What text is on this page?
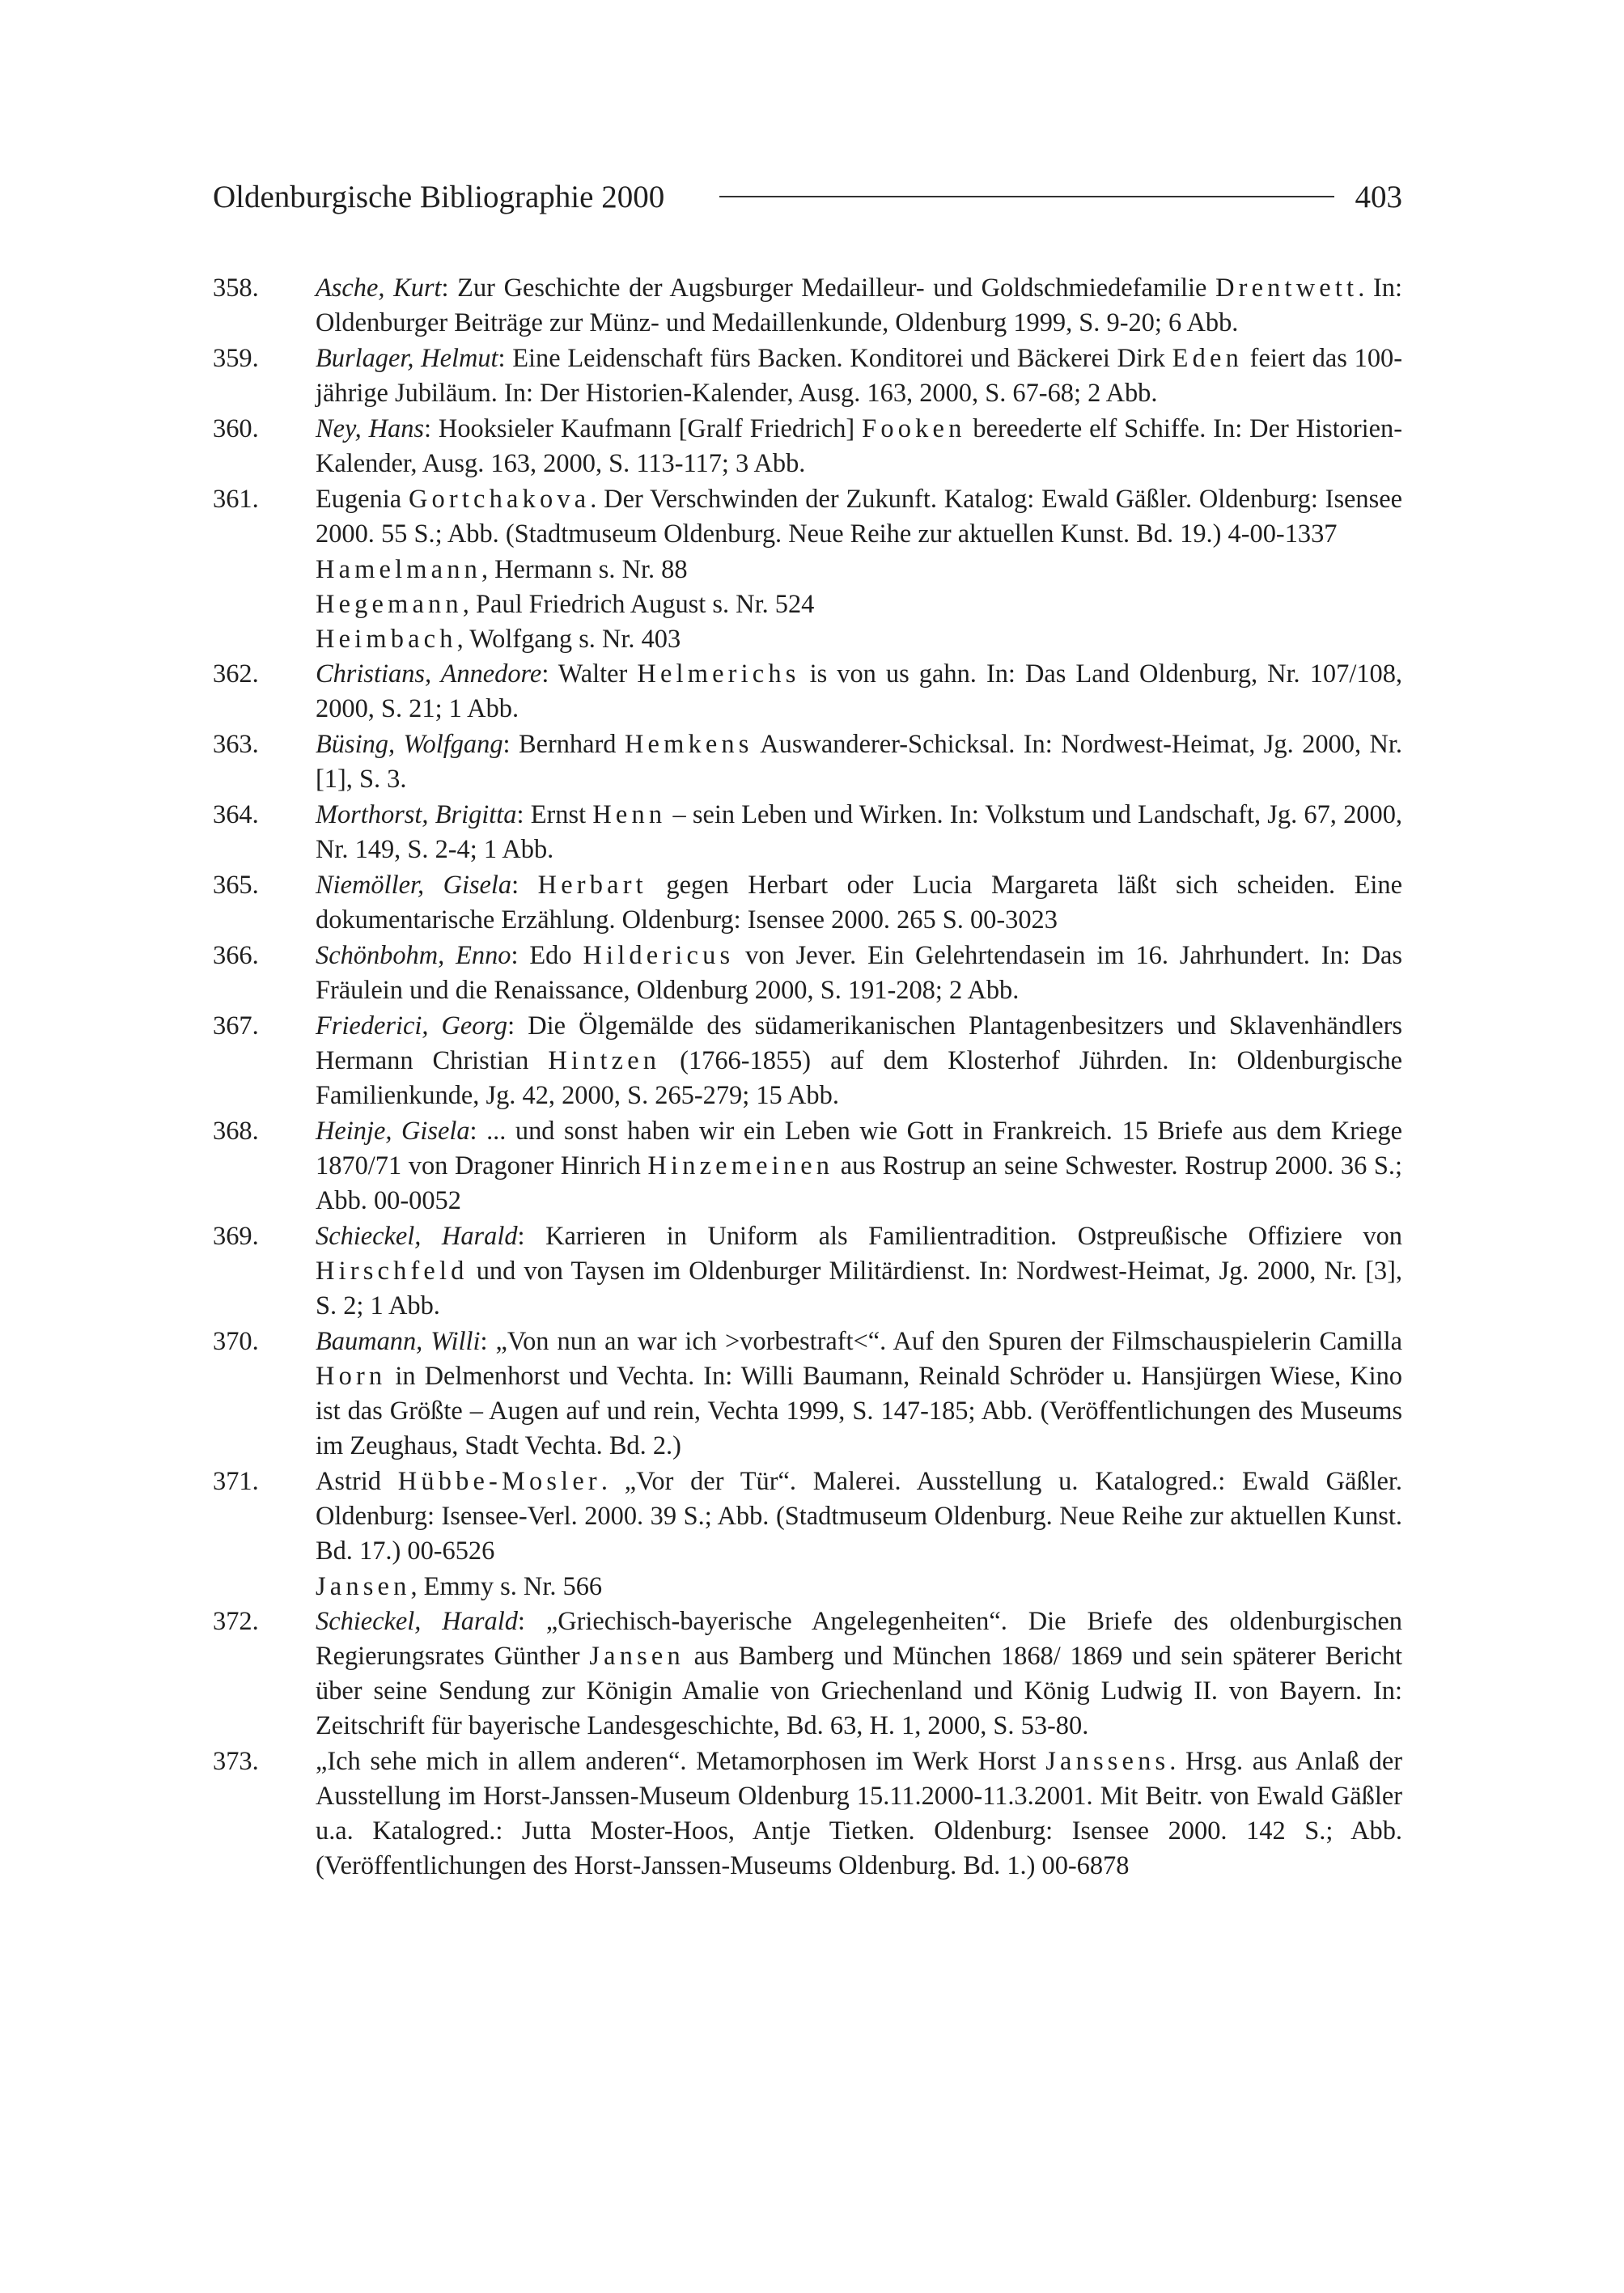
Oldenburgische Bibliographie 2000	403
358.	Asche, Kurt: Zur Geschichte der Augsburger Medailleur- und Goldschmiedefamilie Drentwett. In: Oldenburger Beiträge zur Münz- und Medaillenkunde, Oldenburg 1999, S. 9-20; 6 Abb.
359.	Burlager, Helmut: Eine Leidenschaft fürs Backen. Konditorei und Bäckerei Dirk Eden feiert das 100-jährige Jubiläum. In: Der Historien-Kalender, Ausg. 163, 2000, S. 67-68; 2 Abb.
360.	Ney, Hans: Hooksieler Kaufmann [Gralf Friedrich] Fooken bereederte elf Schiffe. In: Der Historien-Kalender, Ausg. 163, 2000, S. 113-117; 3 Abb.
361.	Eugenia Gortchakova. Der Verschwinden der Zukunft. Katalog: Ewald Gäßler. Oldenburg: Isensee 2000. 55 S.; Abb. (Stadtmuseum Oldenburg. Neue Reihe zur aktuellen Kunst. Bd. 19.) 4-00-1337
Hamelmann, Hermann s. Nr. 88
Hegemann, Paul Friedrich August s. Nr. 524
Heimbach, Wolfgang s. Nr. 403
362.	Christians, Annedore: Walter Helmerichs is von us gahn. In: Das Land Oldenburg, Nr. 107/108, 2000, S. 21; 1 Abb.
363.	Büsing, Wolfgang: Bernhard Hemkens Auswanderer-Schicksal. In: Nordwest-Heimat, Jg. 2000, Nr. [1], S. 3.
364.	Morthorst, Brigitta: Ernst Henn – sein Leben und Wirken. In: Volkstum und Landschaft, Jg. 67, 2000, Nr. 149, S. 2-4; 1 Abb.
365.	Niemöller, Gisela: Herbart gegen Herbart oder Lucia Margareta läßt sich scheiden. Eine dokumentarische Erzählung. Oldenburg: Isensee 2000. 265 S. 00-3023
366.	Schönbohm, Enno: Edo Hildericus von Jever. Ein Gelehrtendasein im 16. Jahrhundert. In: Das Fräulein und die Renaissance, Oldenburg 2000, S. 191-208; 2 Abb.
367.	Friederici, Georg: Die Ölgemälde des südamerikanischen Plantagenbesitzers und Sklavenhändlers Hermann Christian Hintzen (1766-1855) auf dem Klosterhof Jührden. In: Oldenburgische Familienkunde, Jg. 42, 2000, S. 265-279; 15 Abb.
368.	Heinje, Gisela: ... und sonst haben wir ein Leben wie Gott in Frankreich. 15 Briefe aus dem Kriege 1870/71 von Dragoner Hinrich Hinzemeinen aus Rostrup an seine Schwester. Rostrup 2000. 36 S.; Abb. 00-0052
369.	Schieckel, Harald: Karrieren in Uniform als Familientradition. Ostpreußische Offiziere von Hirschfeld und von Taysen im Oldenburger Militärdienst. In: Nordwest-Heimat, Jg. 2000, Nr. [3], S. 2; 1 Abb.
370.	Baumann, Willi: „Von nun an war ich >vorbestraft<“. Auf den Spuren der Filmschauspielerin Camilla Horn in Delmenhorst und Vechta. In: Willi Baumann, Reinald Schröder u. Hansjürgen Wiese, Kino ist das Größte – Augen auf und rein, Vechta 1999, S. 147-185; Abb. (Veröffentlichungen des Museums im Zeughaus, Stadt Vechta. Bd. 2.)
371.	Astrid Hübbe-Mosler. „Vor der Tür“. Malerei. Ausstellung u. Katalogred.: Ewald Gäßler. Oldenburg: Isensee-Verl. 2000. 39 S.; Abb. (Stadtmuseum Oldenburg. Neue Reihe zur aktuellen Kunst. Bd. 17.) 00-6526
Jansen, Emmy s. Nr. 566
372.	Schieckel, Harald: „Griechisch-bayerische Angelegenheiten“. Die Briefe des oldenburgischen Regierungsrates Günther Jansen aus Bamberg und München 1868/ 1869 und sein späterer Bericht über seine Sendung zur Königin Amalie von Griechenland und König Ludwig II. von Bayern. In: Zeitschrift für bayerische Landesgeschichte, Bd. 63, H. 1, 2000, S. 53-80.
373.	„Ich sehe mich in allem anderen“. Metamorphosen im Werk Horst Janssens. Hrsg. aus Anlaß der Ausstellung im Horst-Janssen-Museum Oldenburg 15.11.2000-11.3.2001. Mit Beitr. von Ewald Gäßler u.a. Katalogred.: Jutta Moster-Hoos, Antje Tietken. Oldenburg: Isensee 2000. 142 S.; Abb. (Veröffentlichungen des Horst-Janssen-Museums Oldenburg. Bd. 1.) 00-6878
